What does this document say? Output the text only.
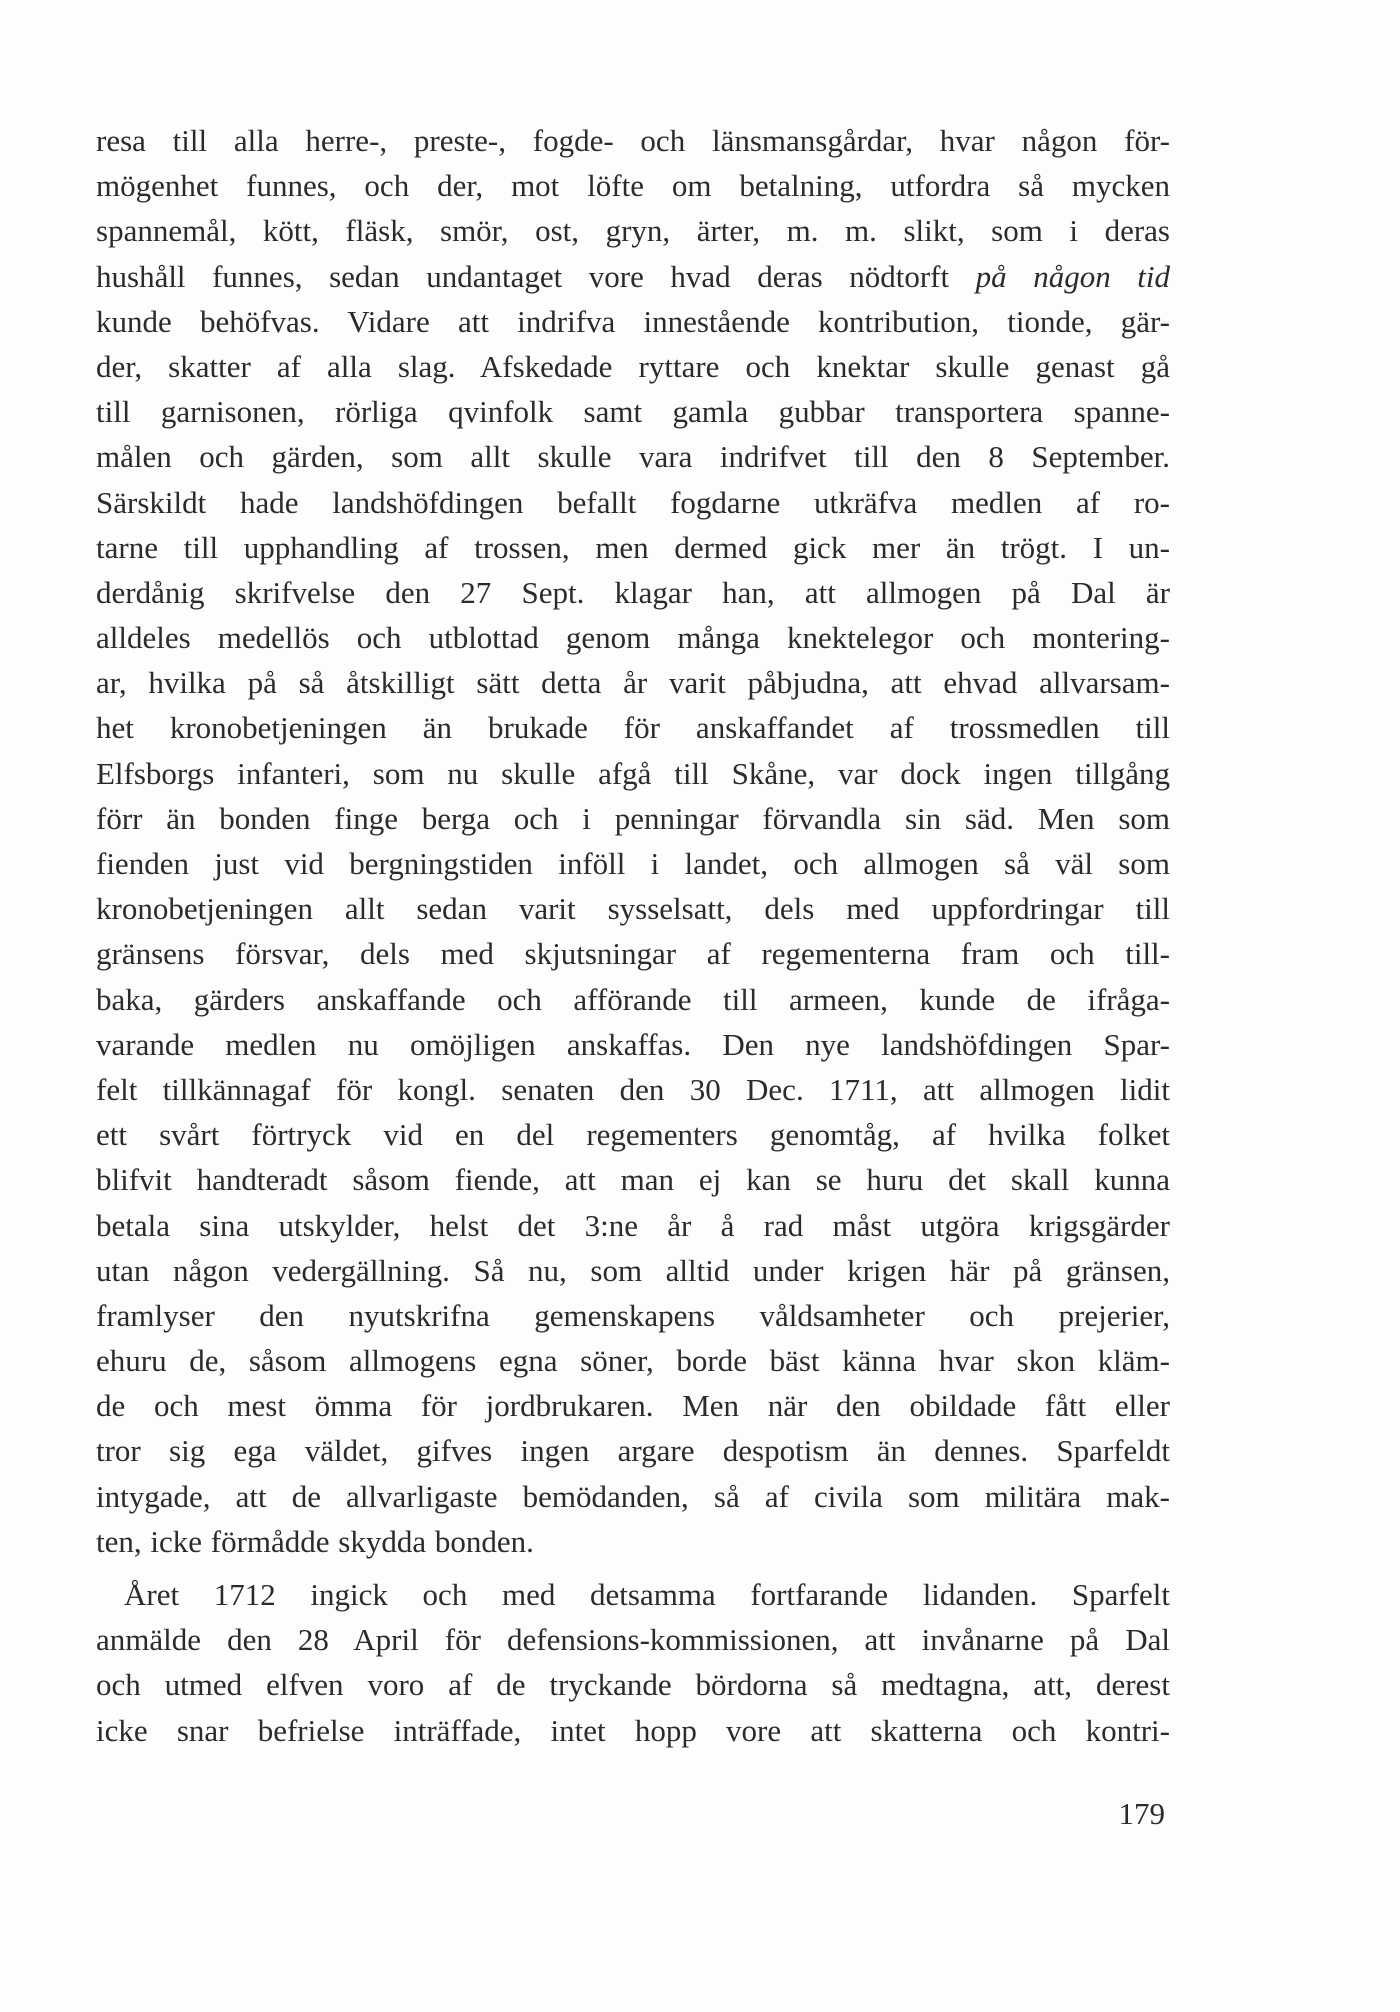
resa till alla herre-, preste-, fogde- och länsmansgårdar, hvar någon för-
mögenhet funnes, och der, mot löfte om betalning, utfordra så mycken
spannemål, kött, fläsk, smör, ost, gryn, ärter, m. m. slikt, som i deras
hushåll funnes, sedan undantaget vore hvad deras nödtorft på någon tid
kunde behöfvas. Vidare att indrifva innestående kontribution, tionde, gär-
der, skatter af alla slag. Afskedade ryttare och knektar skulle genast gå
till garnisonen, rörliga qvinfolk samt gamla gubbar transportera spanne-
målen och gärden, som allt skulle vara indrifvet till den 8 September.
Särskildt hade landshöfdingen befallt fogdarne utkräfva medlen af ro-
tarne till upphandling af trossen, men dermed gick mer än trögt. I un-
derdånig skrifvelse den 27 Sept. klagar han, att allmogen på Dal är
alldeles medellös och utblottad genom många knektelegor och montering-
ar, hvilka på så åtskilligt sätt detta år varit påbjudna, att ehvad allvarsam-
het kronobetjeningen än brukade för anskaffandet af trossmedlen till
Elfsborgs infanteri, som nu skulle afgå till Skåne, var dock ingen tillgång
förr än bonden finge berga och i penningar förvandla sin säd. Men som
fienden just vid bergningstiden inföll i landet, och allmogen så väl som
kronobetjeningen allt sedan varit sysselsatt, dels med uppfordringar till
gränsens försvar, dels med skjutsningar af regementerna fram och till-
baka, gärders anskaffande och afförande till armeen, kunde de ifråga-
varande medlen nu omöjligen anskaffas. Den nye landshöfdingen Spar-
felt tillkännagaf för kongl. senaten den 30 Dec. 1711, att allmogen lidit
ett svårt förtryck vid en del regementers genomtåg, af hvilka folket
blifvit handteradt såsom fiende, att man ej kan se huru det skall kunna
betala sina utskylder, helst det 3:ne år å rad måst utgöra krigsgärder
utan någon vedergällning. Så nu, som alltid under krigen här på gränsen,
framlyser den nyutskrifna gemenskapens våldsamheter och prejerier,
ehuru de, såsom allmogens egna söner, borde bäst känna hvar skon kläm-
de och mest ömma för jordbrukaren. Men när den obildade fått eller
tror sig ega väldet, gifves ingen argare despotism än dennes. Sparfeldt
intygade, att de allvarligaste bemödanden, så af civila som militära mak-
ten, icke förmådde skydda bonden.
Året 1712 ingick och med detsamma fortfarande lidanden. Sparfelt
anmälde den 28 April för defensions-kommissionen, att invånarne på Dal
och utmed elfven voro af de tryckande bördorna så medtagna, att, derest
icke snar befrielse inträffade, intet hopp vore att skatterna och kontri-
179
